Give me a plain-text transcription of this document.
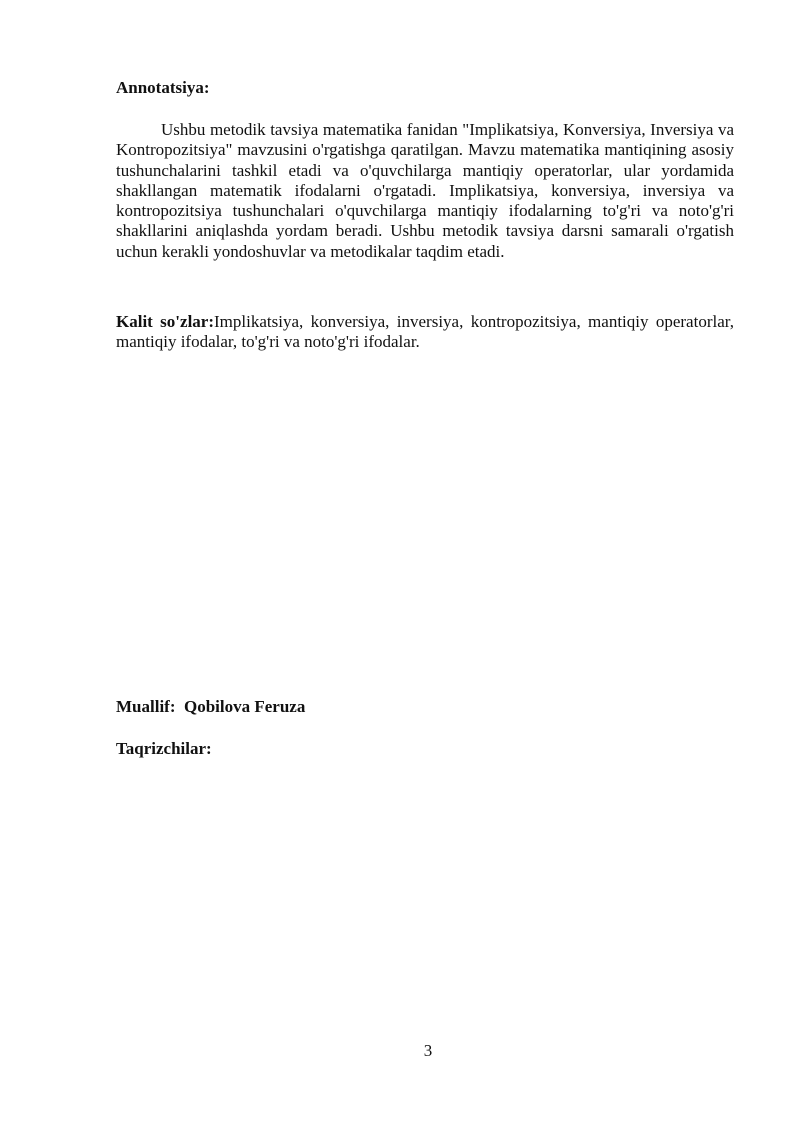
Annotatsiya:
Ushbu metodik tavsiya matematika fanidan "Implikatsiya, Konversiya, Inversiya va Kontropozitsiya" mavzusini o'rgatishga qaratilgan. Mavzu matematika mantiqining asosiy tushunchalarini tashkil etadi va o'quvchilarga mantiqiy operatorlar, ular yordamida shakllangan matematik ifodalarni o'rgatadi. Implikatsiya, konversiya, inversiya va kontropozitsiya tushunchalari o'quvchilarga mantiqiy ifodalarning to'g'ri va noto'g'ri shakllarini aniqlashda yordam beradi. Ushbu metodik tavsiya darsni samarali o'rgatish uchun kerakli yondoshuvlar va metodikalar taqdim etadi.
Kalit so'zlar:Implikatsiya, konversiya, inversiya, kontropozitsiya, mantiqiy operatorlar, mantiqiy ifodalar, to'g'ri va noto'g'ri ifodalar.
Muallif: Qobilova Feruza
Taqrizchilar:
3
